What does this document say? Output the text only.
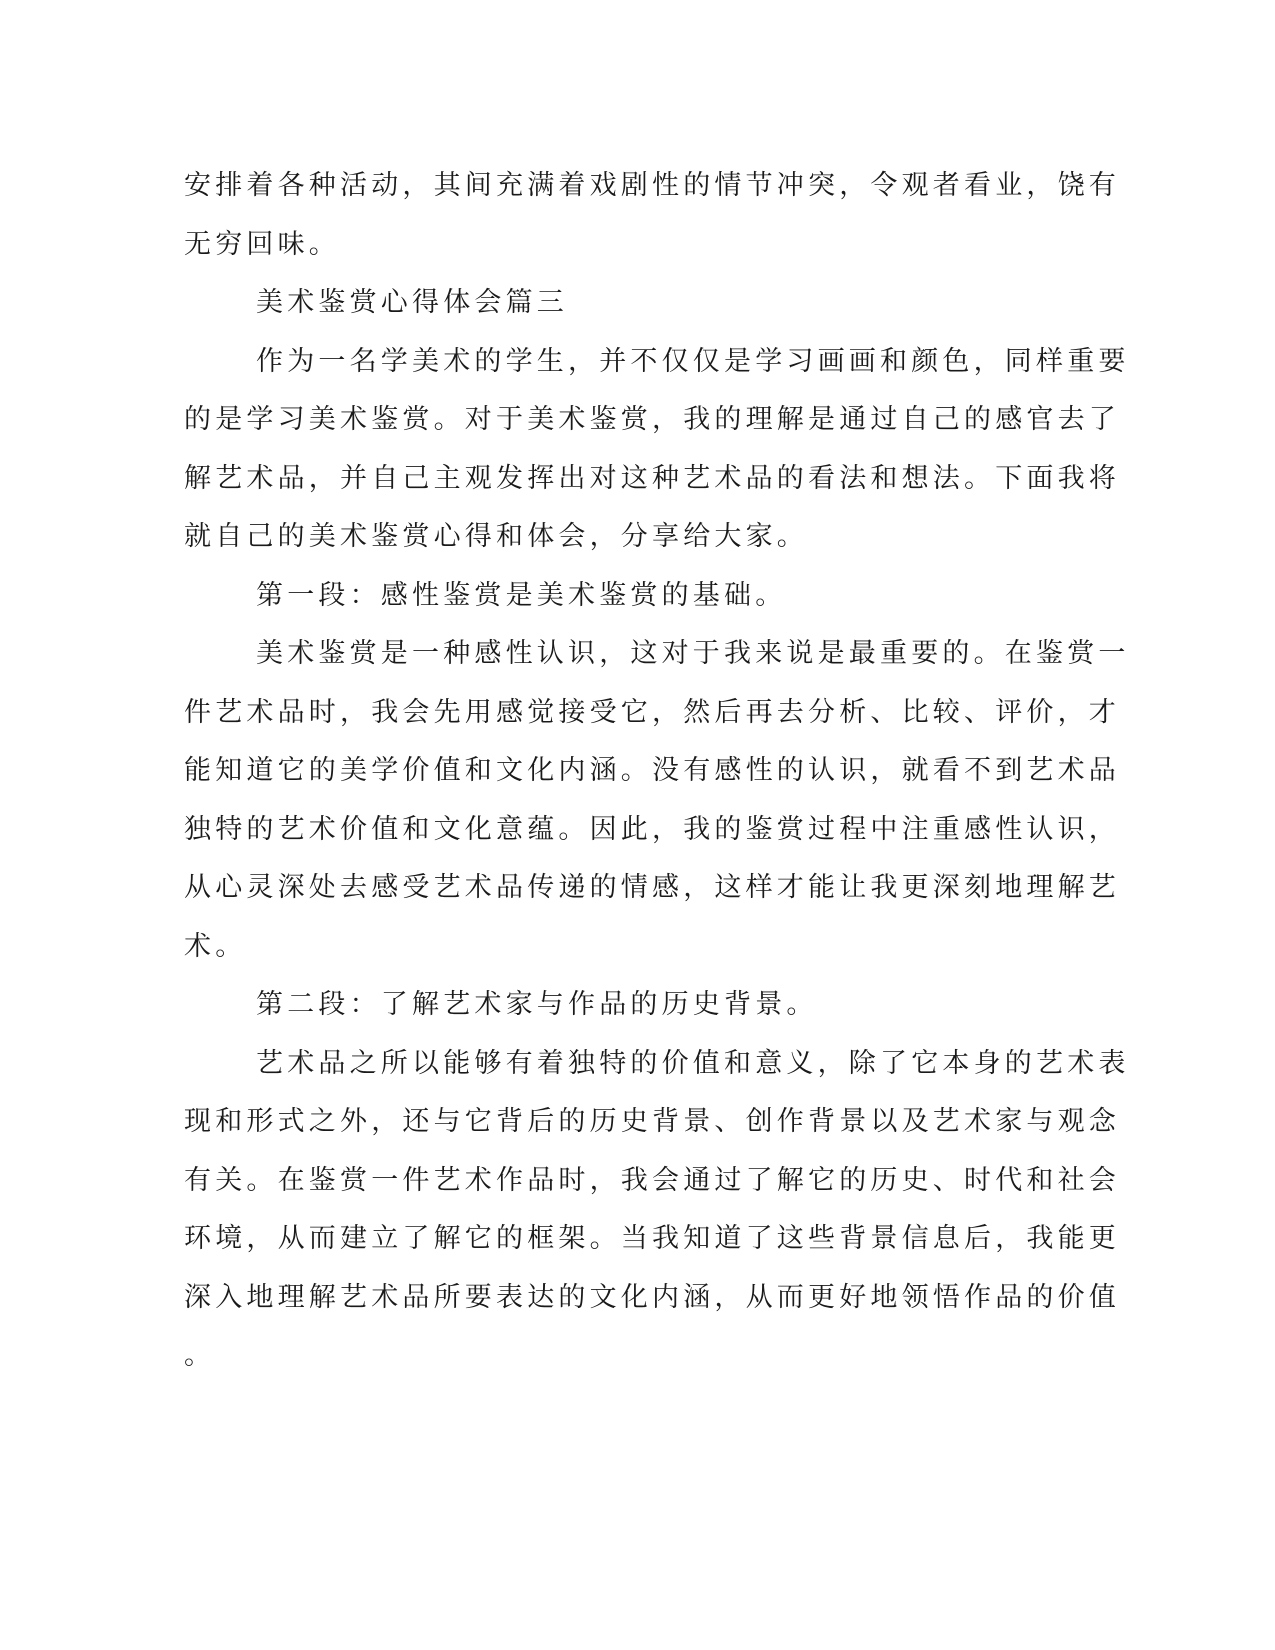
安排着各种活动，其间充满着戏剧性的情节冲突，令观者看业，饶有
无穷回味。
美术鉴赏心得体会篇三
作为一名学美术的学生，并不仅仅是学习画画和颜色，同样重要
的是学习美术鉴赏。对于美术鉴赏，我的理解是通过自己的感官去了
解艺术品，并自己主观发挥出对这种艺术品的看法和想法。下面我将
就自己的美术鉴赏心得和体会，分享给大家。
第一段：感性鉴赏是美术鉴赏的基础。
美术鉴赏是一种感性认识，这对于我来说是最重要的。在鉴赏一
件艺术品时，我会先用感觉接受它，然后再去分析、比较、评价，才
能知道它的美学价值和文化内涵。没有感性的认识，就看不到艺术品
独特的艺术价值和文化意蕴。因此，我的鉴赏过程中注重感性认识，
从心灵深处去感受艺术品传递的情感，这样才能让我更深刻地理解艺
术。
第二段：了解艺术家与作品的历史背景。
艺术品之所以能够有着独特的价值和意义，除了它本身的艺术表
现和形式之外，还与它背后的历史背景、创作背景以及艺术家与观念
有关。在鉴赏一件艺术作品时，我会通过了解它的历史、时代和社会
环境，从而建立了解它的框架。当我知道了这些背景信息后，我能更
深入地理解艺术品所要表达的文化内涵，从而更好地领悟作品的价值
。
